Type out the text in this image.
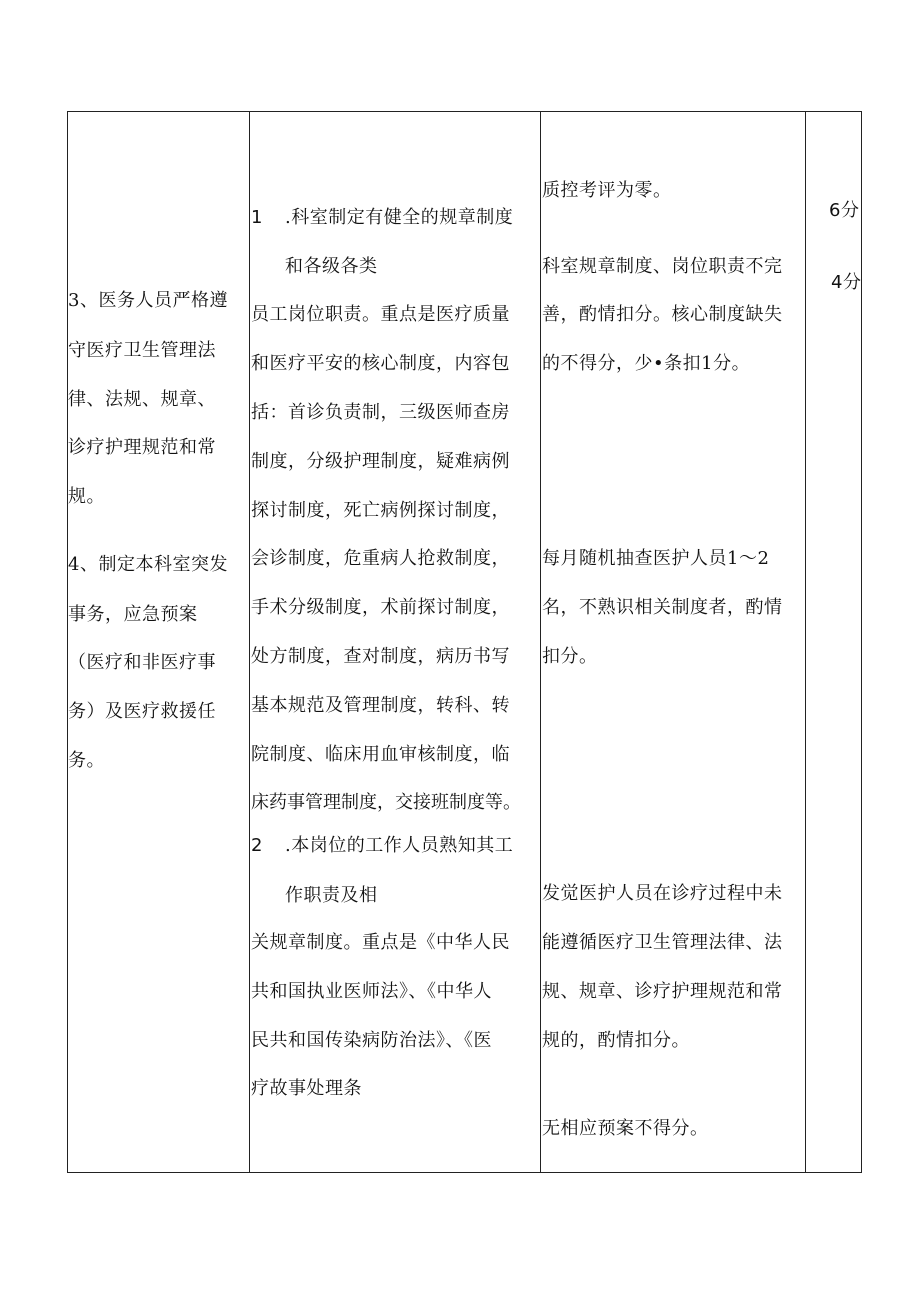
3、医务人员严格遵
守医疗卫生管理法
律、法规、规章、
诊疗护理规范和常
规。
4、制定本科室突发
事务，应急预案
（医疗和非医疗事
务）及医疗救援任
务。
1 .科室制定有健全的规章制度
和各级各类
员工岗位职责。重点是医疗质量
和医疗平安的核心制度，内容包
括：首诊负责制，三级医师查房
制度，分级护理制度，疑难病例
探讨制度，死亡病例探讨制度，
会诊制度，危重病人抢救制度，
手术分级制度，术前探讨制度，
处方制度，查对制度，病历书写
基本规范及管理制度，转科、转
院制度、临床用血审核制度，临
床药事管理制度，交接班制度等。
2 .本岗位的工作人员熟知其工
作职责及相
关规章制度。重点是《中华人民
共和国执业医师法》、《中华人
民共和国传染病防治法》、《医
疗故事处理条
质控考评为零。
科室规章制度、岗位职责不完
善，酌情扣分。核心制度缺失
的不得分，少•条扣1分。
每月随机抽查医护人员1～2
名，不熟识相关制度者，酌情
扣分。
发觉医护人员在诊疗过程中未
能遵循医疗卫生管理法律、法
规、规章、诊疗护理规范和常
规的，酌情扣分。
无相应预案不得分。
6分
4分
